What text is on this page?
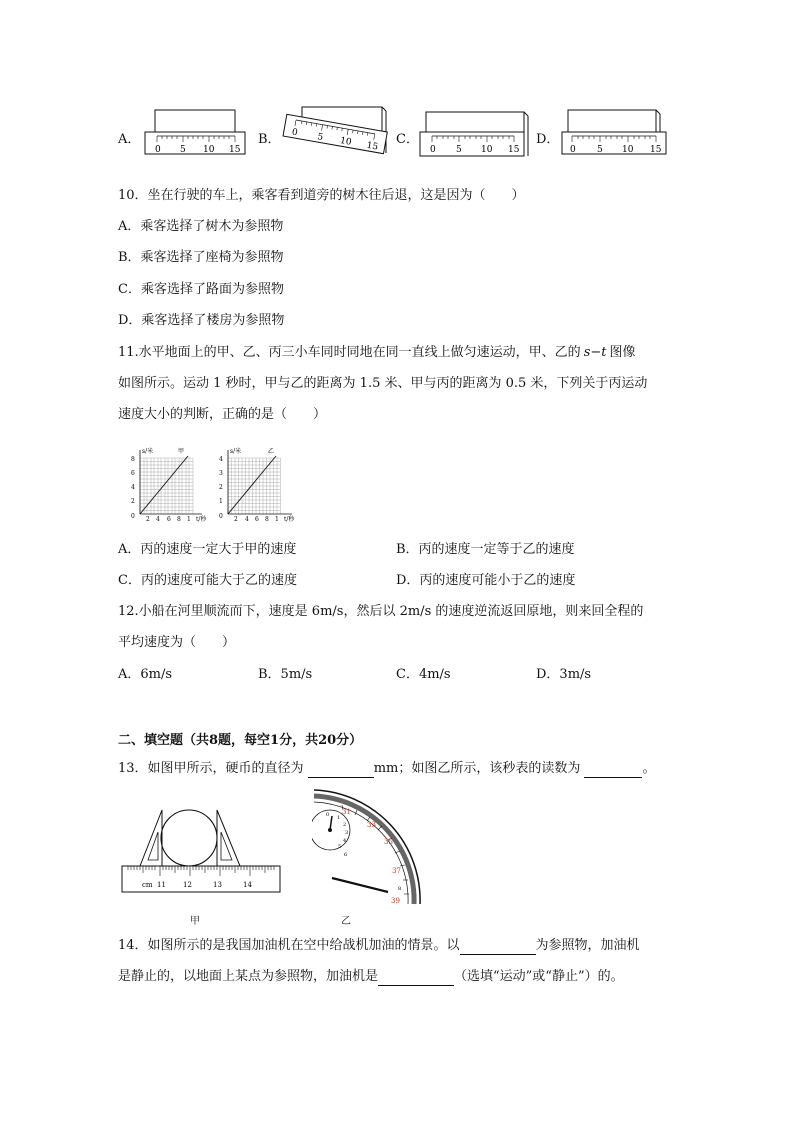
A．
0 5 10 15
B． 0 5 10 15 C．
0 5 10 15
D．
0 5 10 15
10．坐在行驶的车上，乘客看到道旁的树木往后退，这是因为（　　）
A．乘客选择了树木为参照物
B．乘客选择了座椅为参照物
C．乘客选择了路面为参照物
D．乘客选择了楼房为参照物
11.水平地面上的甲、乙、丙三小车同时同地在同一直线上做匀速运动，甲、乙的 s−t 图像
如图所示。运动 1 秒时，甲与乙的距离为 1.5 米、甲与丙的距离为 0.5 米，下列关于丙运动
速度大小的判断，正确的是（　　）
s/米	甲
8
6
4
2
0 2 4 6 8 1 t/秒
s/米	乙
4
3
2
1
0 2 4 6 8 1 t/秒
A．丙的速度一定大于甲的速度	B．丙的速度一定等于乙的速度
C．丙的速度可能大于乙的速度	D．丙的速度可能小于乙的速度
12.小船在河里顺流而下，速度是 6m/s，然后以 2m/s 的速度逆流返回原地，则来回全程的
平均速度为（　　）
A．6m/s	B．5m/s	C．4m/s	D．3m/s
二、填空题（共8题，每空1分，共20分）
13．如图甲所示，硬币的直径为	mm；如图乙所示，该秒表的读数为	。
cm 11 12	13	14
甲
31
33
35
37
39
0 1
2
3
4
5
6
8
乙
14．如图所示的是我国加油机在空中给战机加油的情景。以	为参照物，加油机
是静止的，以地面上某点为参照物，加油机是	（选填“运动”或“静止”）的。
